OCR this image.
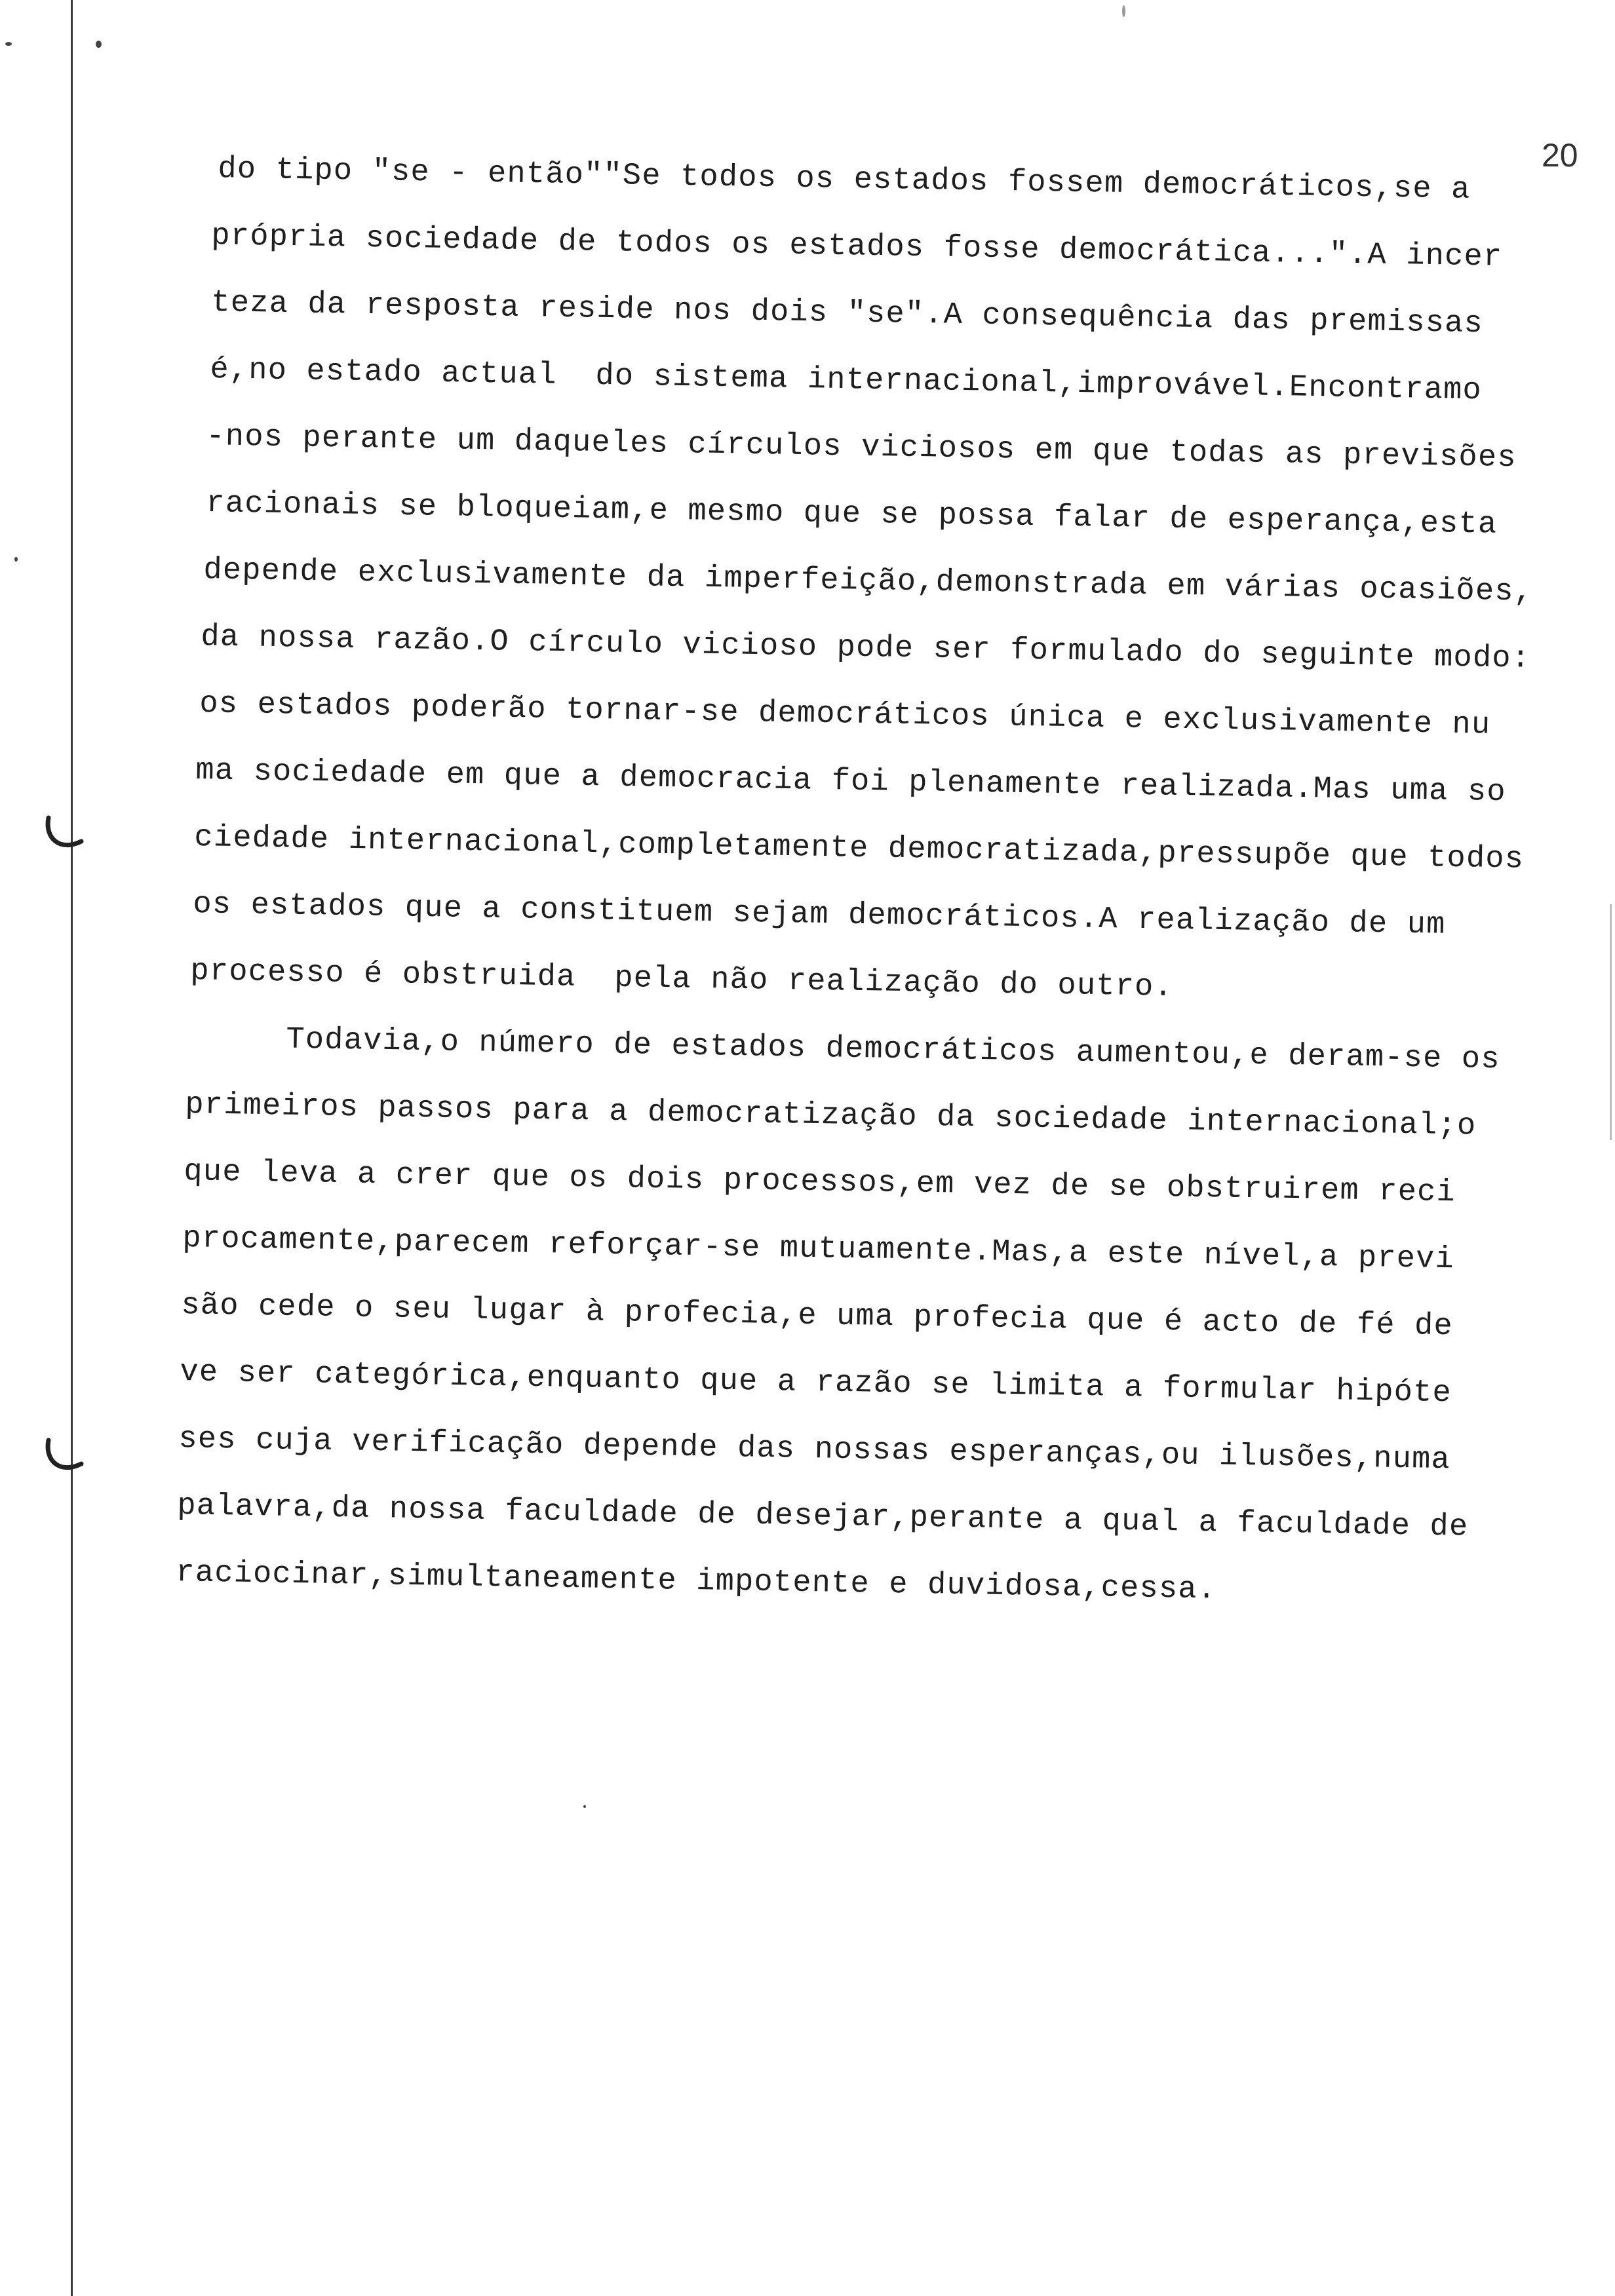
20
do tipo "se - então""Se todos os estados fossem democráticos,se a
própria sociedade de todos os estados fosse democrática...".A incer
teza da resposta reside nos dois "se".A consequência das premissas
é,no estado actual  do sistema internacional,improvável.Encontramo
-nos perante um daqueles círculos viciosos em que todas as previsões
racionais se bloqueiam,e mesmo que se possa falar de esperança,esta
depende exclusivamente da imperfeição,demonstrada em várias ocasiões,
da nossa razão.O círculo vicioso pode ser formulado do seguinte modo:
os estados poderão tornar-se democráticos única e exclusivamente nu
ma sociedade em que a democracia foi plenamente realizada.Mas uma so
ciedade internacional,completamente democratizada,pressupõe que todos
os estados que a constituem sejam democráticos.A realização de um
processo é obstruida  pela não realização do outro.
Todavia,o número de estados democráticos aumentou,e deram-se os
primeiros passos para a democratização da sociedade internacional;o
que leva a crer que os dois processos,em vez de se obstruirem reci
procamente,parecem reforçar-se mutuamente.Mas,a este nível,a previ
são cede o seu lugar à profecia,e uma profecia que é acto de fé de
ve ser categórica,enquanto que a razão se limita a formular hipóte
ses cuja verificação depende das nossas esperanças,ou ilusões,numa
palavra,da nossa faculdade de desejar,perante a qual a faculdade de
raciocinar,simultaneamente impotente e duvidosa,cessa.
